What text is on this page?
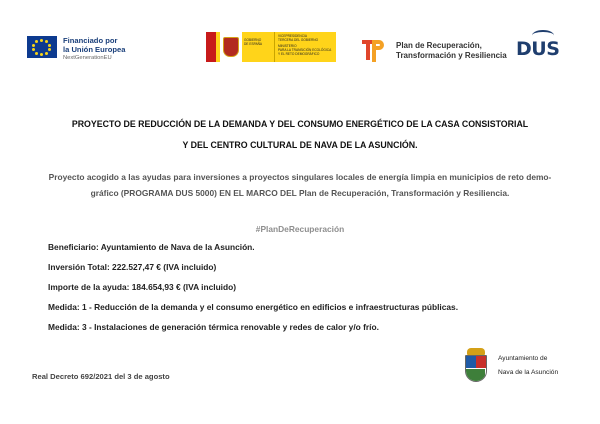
Financiado por
la Unión Europea
NextGenerationEU
GOBIERNO
DE ESPAÑA
VICEPRESIDENCIA
TERCERA DEL GOBIERNO
MINISTERIO
PARA LA TRANSICIÓN ECOLÓGICA
Y EL RETO DEMOGRÁFICO
Plan de Recuperación,
Transformación y Resiliencia DUS
PROYECTO DE REDUCCIÓN DE LA DEMANDA Y DEL CONSUMO ENERGÉTICO DE LA CASA CONSISTORIAL
Y DEL CENTRO CULTURAL DE NAVA DE LA ASUNCIÓN.
Proyecto acogido a las ayudas para inversiones a proyectos singulares locales de energía limpia en municipios de reto demo-
gráfico (PROGRAMA DUS 5000) EN EL MARCO DEL Plan de Recuperación, Transformación y Resiliencia.
#PlanDeRecuperación
Beneficiario: Ayuntamiento de Nava de la Asunción.
Inversión Total: 222.527,47 € (IVA incluido)
Importe de la ayuda: 184.654,93 € (IVA incluido)
Medida: 1 - Reducción de la demanda y el consumo energético en edificios e infraestructuras públicas.
Medida: 3 - Instalaciones de generación térmica renovable y redes de calor y/o frío.
Real Decreto 692/2021 del 3 de agosto
Ayuntamiento de
Nava de la Asunción
